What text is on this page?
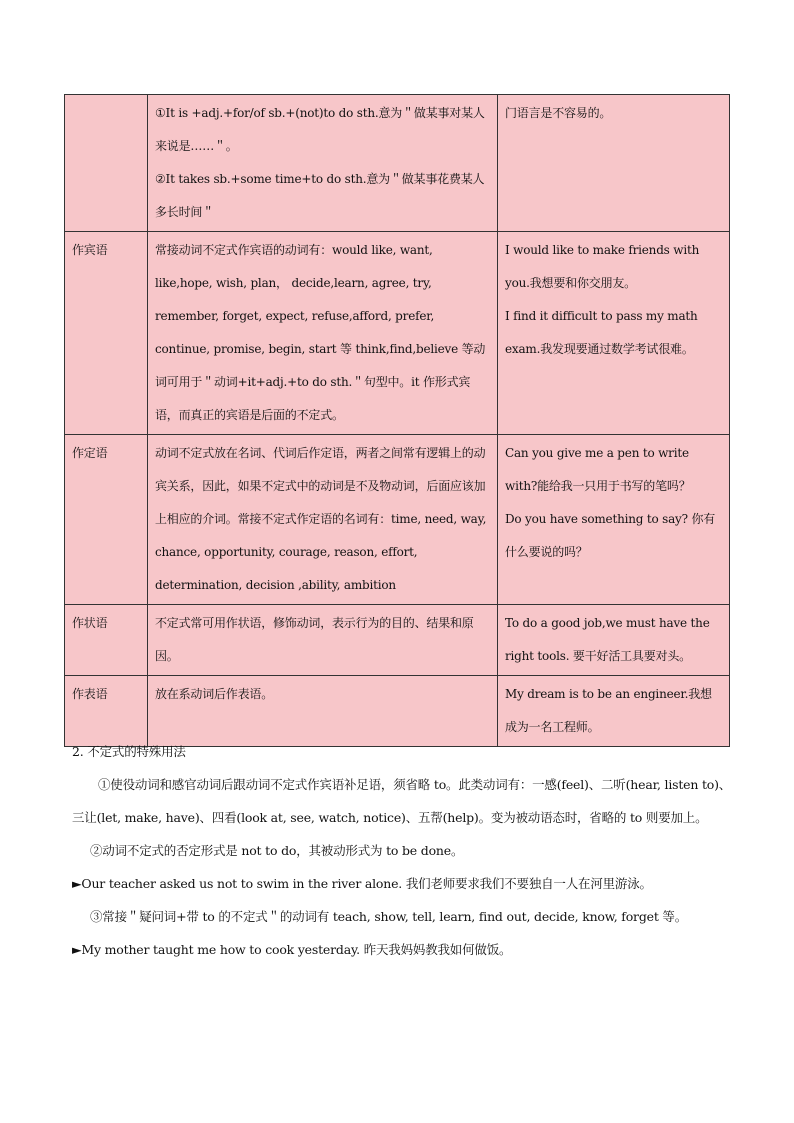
	①It is +adj.+for/of sb.+(not)to do sth.意为＂做某事对某人来说是……＂。
②It takes sb.+some time+to do sth.意为＂做某事花费某人多长时间＂	门语言是不容易的。

作宾语	常接动词不定式作宾语的动词有：would like, want, like,hope, wish, plan， decide,learn, agree, try, remember, forget, expect, refuse,afford, prefer, continue, promise, begin, start 等 think,find,believe 等动词可用于＂动词+it+adj.+to do sth.＂句型中。it 作形式宾语，而真正的宾语是后面的不定式。	I would like to make friends with you.我想要和你交朋友。
I find it difficult to pass my math exam.我发现要通过数学考试很难。

作定语	动词不定式放在名词、代词后作定语，两者之间常有逻辑上的动宾关系，因此，如果不定式中的动词是不及物动词，后面应该加上相应的介词。常接不定式作定语的名词有：time, need, way, chance, opportunity, courage, reason, effort, determination, decision ,ability, ambition	Can you give me a pen to write with?能给我一只用于书写的笔吗？
Do you have something to say? 你有什么要说的吗？

作状语	不定式常可用作状语，修饰动词，表示行为的目的、结果和原因。	To do a good job,we must have the right tools. 要干好活工具要对头。

作表语	放在系动词后作表语。	My dream is to be an engineer.我想成为一名工程师。

2. 不定式的特殊用法

①使役动词和感官动词后跟动词不定式作宾语补足语，须省略 to。此类动词有：一感(feel)、二听(hear, listen to)、三让(let, make, have)、四看(look at, see, watch, notice)、五帮(help)。变为被动语态时，省略的 to 则要加上。

②动词不定式的否定形式是 not to do，其被动形式为 to be done。

►Our teacher asked us not to swim in the river alone. 我们老师要求我们不要独自一人在河里游泳。

③常接＂疑问词+带 to 的不定式＂的动词有 teach, show, tell, learn, find out, decide, know, forget 等。

►My mother taught me how to cook yesterday. 昨天我妈妈教我如何做饭。
